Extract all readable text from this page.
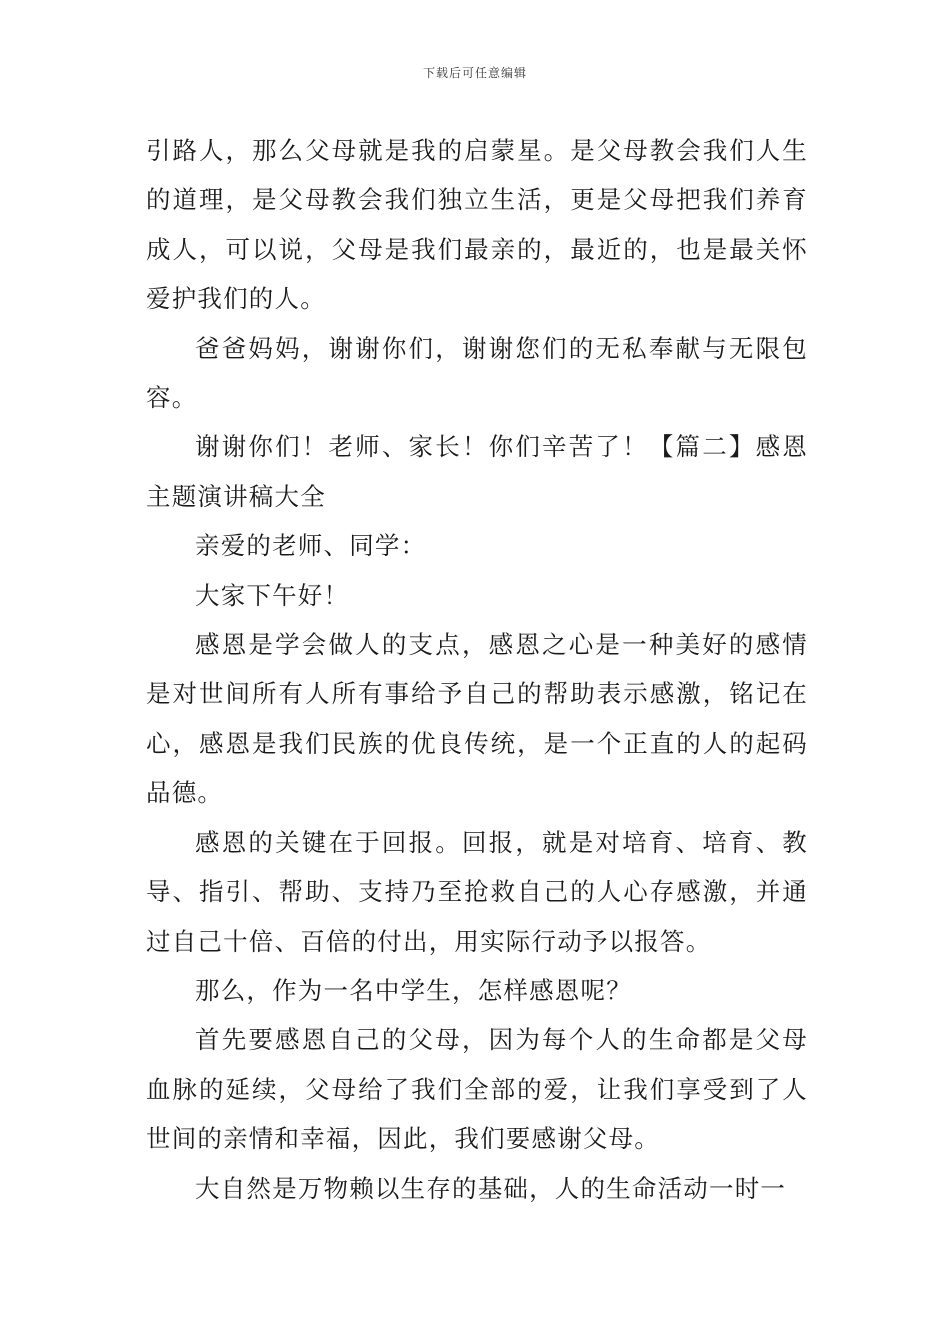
下载后可任意编辑

引路人，那么父母就是我的启蒙星。是父母教会我们人生的道理，是父母教会我们独立生活，更是父母把我们养育成人，可以说，父母是我们最亲的，最近的，也是最关怀爱护我们的人。

爸爸妈妈，谢谢你们，谢谢您们的无私奉献与无限包容。

谢谢你们！老师、家长！你们辛苦了！【篇二】感恩主题演讲稿大全

亲爱的老师、同学：

大家下午好！

感恩是学会做人的支点，感恩之心是一种美好的感情是对世间所有人所有事给予自己的帮助表示感激，铭记在心，感恩是我们民族的优良传统，是一个正直的人的起码品德。

感恩的关键在于回报。回报，就是对培育、培育、教导、指引、帮助、支持乃至抢救自己的人心存感激，并通过自己十倍、百倍的付出，用实际行动予以报答。

那么，作为一名中学生，怎样感恩呢？

首先要感恩自己的父母，因为每个人的生命都是父母血脉的延续，父母给了我们全部的爱，让我们享受到了人世间的亲情和幸福，因此，我们要感谢父母。

大自然是万物赖以生存的基础，人的生命活动一时一
